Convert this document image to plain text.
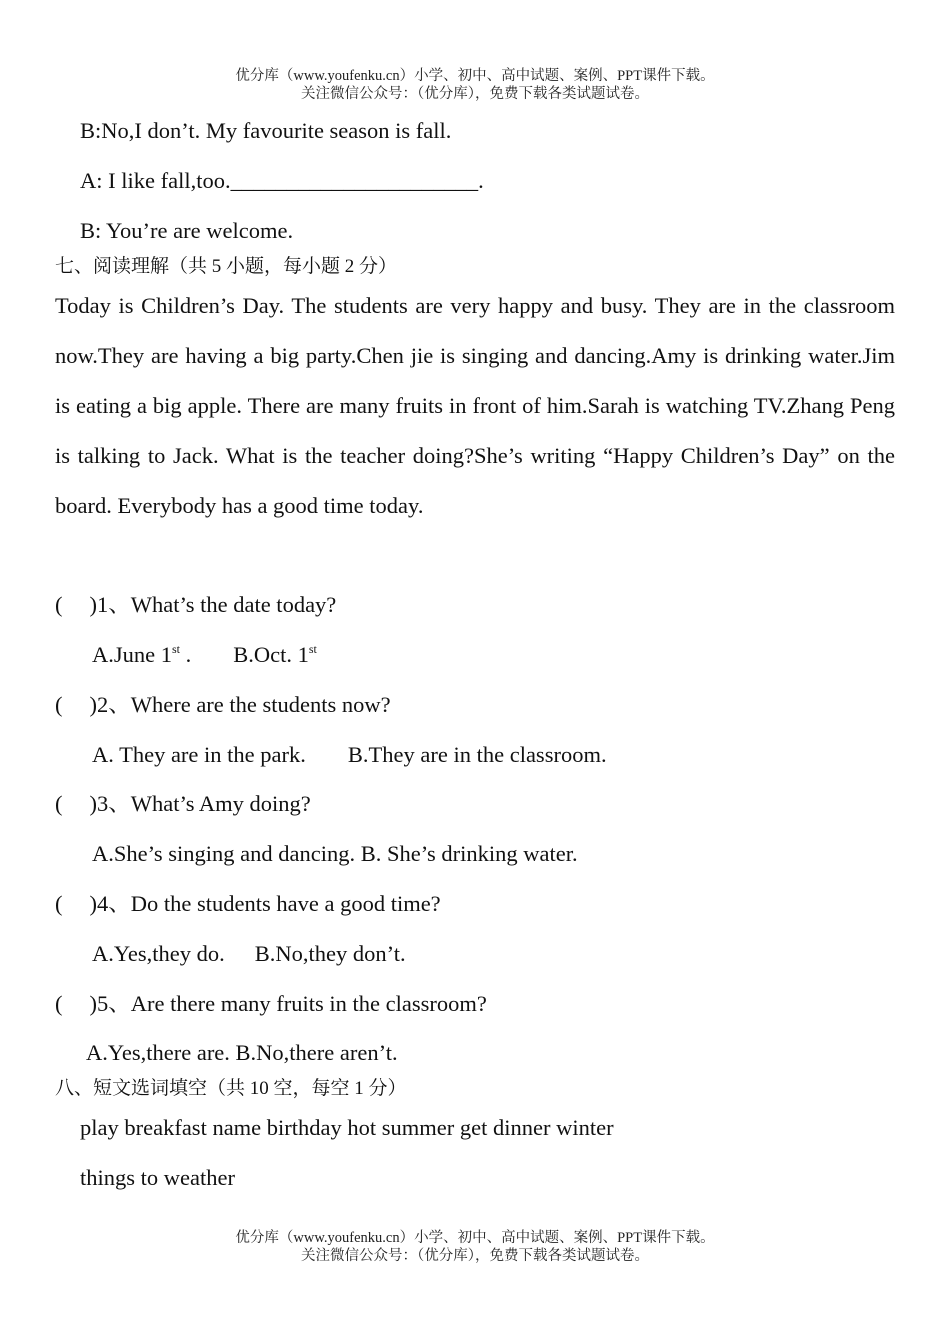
优分库（www.youfenku.cn）小学、初中、高中试题、案例、PPT课件下载。
关注微信公众号：（优分库），免费下载各类试题试卷。
B:No,I don’t. My favourite season is fall.
A: I like fall,too.______________________.
B: You’re are welcome.
七、阅读理解（共 5 小题，每小题 2 分）
Today is Children’s Day. The students are very happy and busy. They are in the classroom now.They are having a big party.Chen jie is singing and dancing.Amy is drinking water.Jim is eating a big apple. There are many fruits in front of him.Sarah is watching TV.Zhang Peng is talking to Jack. What is the teacher doing?She’s writing “Happy Children’s Day” on the board. Everybody has a good time today.
( )1、What’s the date today?
A.June 1st . B.Oct. 1st
( )2、Where are the students now?
A. They are in the park. B.They are in the classroom.
( )3、What’s Amy doing?
A.She’s singing and dancing. B. She’s drinking water.
( )4、Do the students have a good time?
A.Yes,they do. B.No,they don’t.
( )5、Are there many fruits in the classroom?
A.Yes,there are. B.No,there aren’t.
八、短文选词填空（共 10 空，每空 1 分）
play breakfast name birthday hot summer get dinner winter
things to weather
优分库（www.youfenku.cn）小学、初中、高中试题、案例、PPT课件下载。
关注微信公众号：（优分库），免费下载各类试题试卷。
